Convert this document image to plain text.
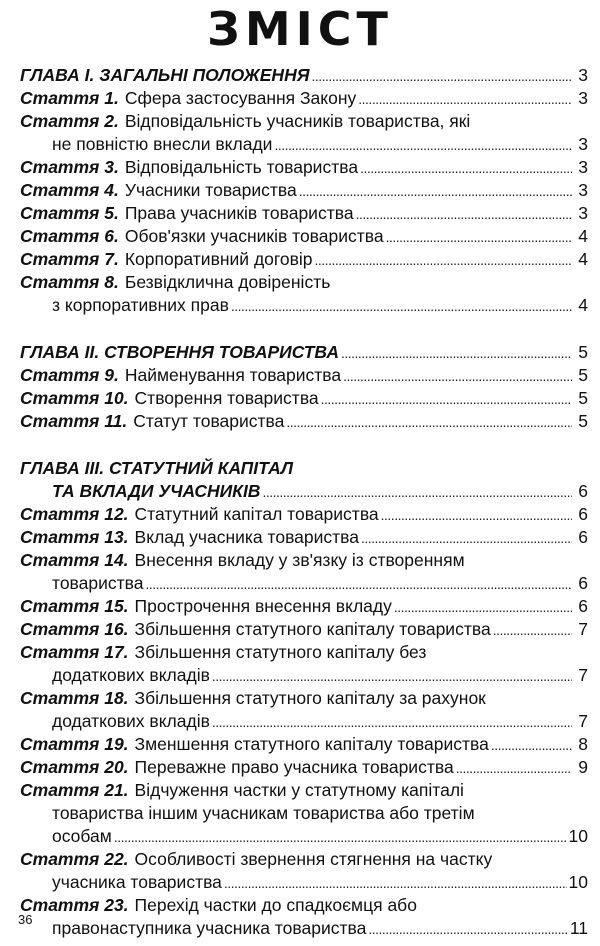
ЗМІСТ
ГЛАВА І. ЗАГАЛЬНІ ПОЛОЖЕННЯ . . .	3
Стаття 1. Сфера застосування Закону . . .	3
Стаття 2. Відповідальність учасників товариства, які
не повністю внесли вклади . . .	3
Стаття 3. Відповідальність товариства . . .	3
Стаття 4. Учасники товариства . . .	3
Стаття 5. Права учасників товариства . . .	3
Стаття 6. Обов'язки учасників товариства . . .	4
Стаття 7. Корпоративний договір . . .	4
Стаття 8. Безвідклична довіреність
з корпоративних прав . . .	4
ГЛАВА ІІ. СТВОРЕННЯ ТОВАРИСТВА . . .	5
Стаття 9. Найменування товариства . . .	5
Стаття 10. Створення товариства . . .	5
Стаття 11. Статут товариства . . .	5
ГЛАВА ІІІ. СТАТУТНИЙ КАПІТАЛ
ТА ВКЛАДИ УЧАСНИКІВ . . .	6
Стаття 12. Статутний капітал товариства . . .	6
Стаття 13. Вклад учасника товариства . . .	6
Стаття 14. Внесення вкладу у зв'язку із створенням
товариства . . .	6
Стаття 15. Прострочення внесення вкладу . . .	6
Стаття 16. Збільшення статутного капіталу товариства . . .	7
Стаття 17. Збільшення статутного капіталу без
додаткових вкладів . . .	7
Стаття 18. Збільшення статутного капіталу за рахунок
додаткових вкладів . . .	7
Стаття 19. Зменшення статутного капіталу товариства . . .	8
Стаття 20. Переважне право учасника товариства . . .	9
Стаття 21. Відчуження частки у статутному капіталі
товариства іншим учасникам товариства або третім
особам . . .	10
Стаття 22. Особливості звернення стягнення на частку
учасника товариства . . .	10
Стаття 23. Перехід частки до спадкоємця або
правонаступника учасника товариства . . .	11
36
